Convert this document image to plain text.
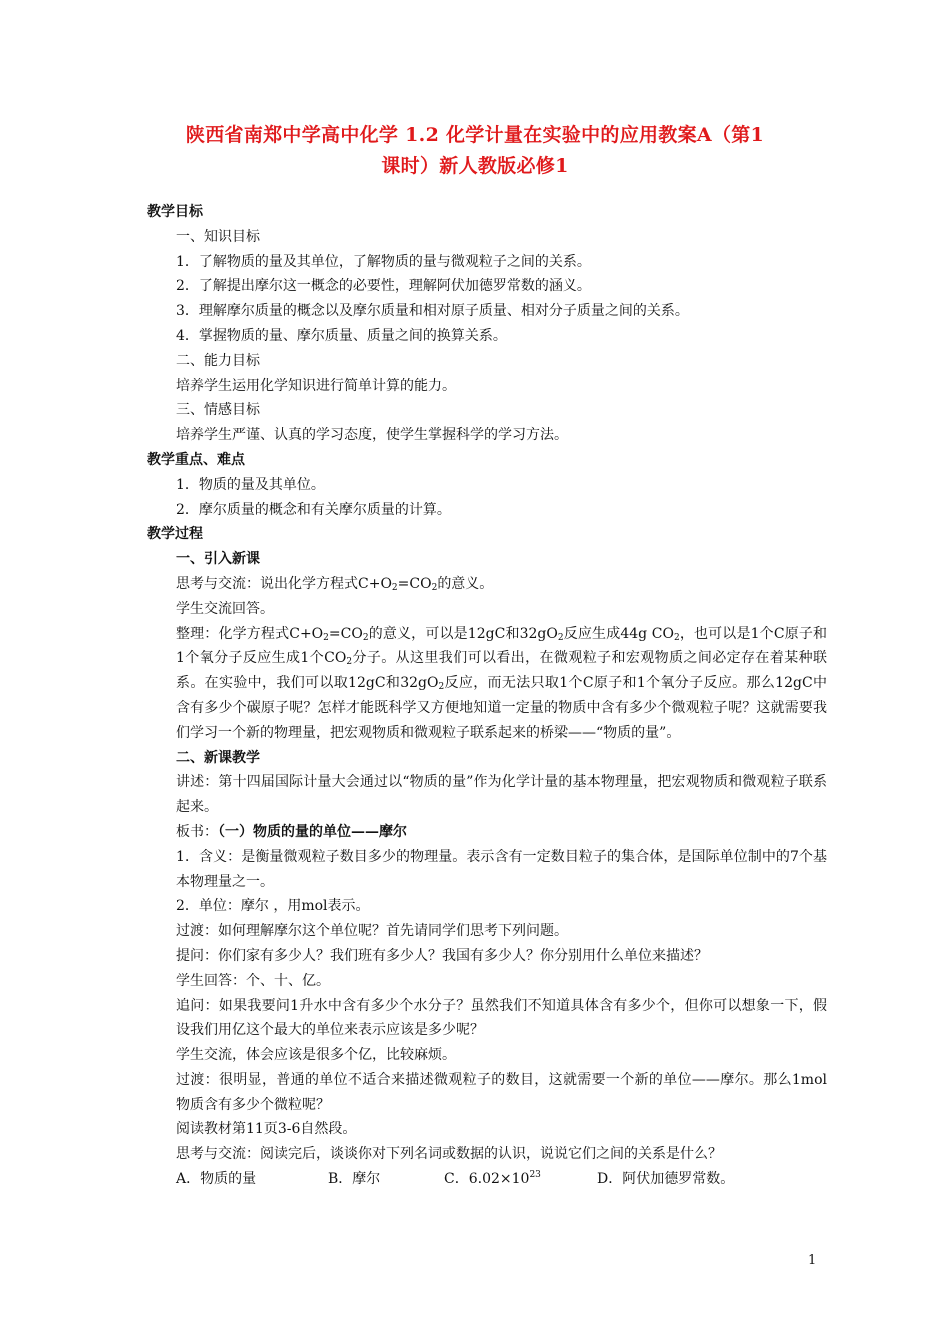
陕西省南郑中学高中化学 1.2 化学计量在实验中的应用教案A（第1
课时）新人教版必修1
教学目标
一、知识目标
1．了解物质的量及其单位，了解物质的量与微观粒子之间的关系。
2．了解提出摩尔这一概念的必要性，理解阿伏加德罗常数的涵义。
3．理解摩尔质量的概念以及摩尔质量和相对原子质量、相对分子质量之间的关系。
4．掌握物质的量、摩尔质量、质量之间的换算关系。
二、能力目标
培养学生运用化学知识进行简单计算的能力。
三、情感目标
培养学生严谨、认真的学习态度，使学生掌握科学的学习方法。
教学重点、难点
1．物质的量及其单位。
2．摩尔质量的概念和有关摩尔质量的计算。
教学过程
一、引入新课
思考与交流：说出化学方程式$C+O_2=CO_2$的意义。
学生交流回答。
整理：化学方程式$C+O_2=CO_2$的意义，可以是12gC和$32gO_2$反应生成44g $CO_2$，也可以是1个C原子和1个氧分子反应生成1个$CO_2$分子。从这里我们可以看出，在微观粒子和宏观物质之间必定存在着某种联系。在实验中，我们可以取12gC和$32gO_2$反应，而无法只取1个C原子和1个氧分子反应。那么12gC中含有多少个碳原子呢？怎样才能既科学又方便地知道一定量的物质中含有多少个微观粒子呢？这就需要我们学习一个新的物理量，把宏观物质和微观粒子联系起来的桥梁——“物质的量”。
二、新课教学
讲述：第十四届国际计量大会通过以“物质的量”作为化学计量的基本物理量，把宏观物质和微观粒子联系起来。
板书：（一）物质的量的单位——摩尔
1．含义：是衡量微观粒子数目多少的物理量。表示含有一定数目粒子的集合体，是国际单位制中的7个基本物理量之一。
2．单位：摩尔 ，用mol表示。
过渡：如何理解摩尔这个单位呢？首先请同学们思考下列问题。
提问：你们家有多少人？我们班有多少人？我国有多少人？你分别用什么单位来描述？
学生回答：个、十、亿。
追问：如果我要问1升水中含有多少个水分子？虽然我们不知道具体含有多少个，但你可以想象一下，假设我们用亿这个最大的单位来表示应该是多少呢？
学生交流，体会应该是很多个亿，比较麻烦。
过渡：很明显，普通的单位不适合来描述微观粒子的数目，这就需要一个新的单位——摩尔。那么1mol物质含有多少个微粒呢？
阅读教材第11页3-6自然段。
思考与交流：阅读完后，谈谈你对下列名词或数据的认识，说说它们之间的关系是什么？
A．物质的量	B．摩尔	C．$6.02\times 10^{23}$	D．阿伏加德罗常数。
1
